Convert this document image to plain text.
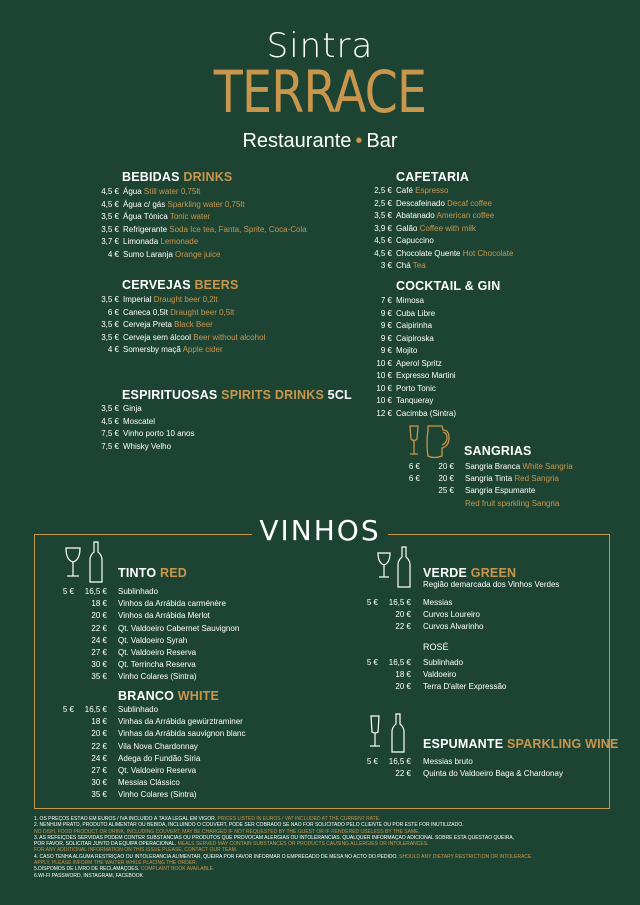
Sintra
TERRACE
Restaurante • Bar
BEBIDAS DRINKS
4,5 € Água Still water 0,75lt
4,5 € Água c/ gás Sparkling water 0,75lt
3,5 € Água Tónica Tonic water
3,5 € Refrigerante Soda Ice tea, Fanta, Sprite, Coca-Cola
3,7 € Limonada Lemonade
4 € Sumo Laranja Orange juice
CERVEJAS BEERS
3,5 € Imperial Draught beer 0,2lt
6 € Caneca 0,5lt Draught beer 0,5lt
3,5 € Cerveja Preta Black Beer
3,5 € Cerveja sem álcool Beer without alcohol
4 € Somersby maçã Apple cider
ESPIRITUOSAS SPIRITS DRINKS 5CL
3,5 € Ginja
4,5 € Moscatel
7,5 € Vinho porto 10 anos
7,5 € Whisky Velho
CAFETARIA
2,5 € Café Espresso
2,5 € Descafeinado Decaf coffee
3,5 € Abatanado American coffee
3,9 € Galão Coffee with milk
4,5 € Capuccino
4,5 € Chocolate Quente Hot Chocolate
3 € Chá Tea
COCKTAIL & GIN
7 € Mimosa
9 € Cuba Libre
9 € Caipirinha
9 € Caipiroska
9 € Mojito
10 € Aperol Spritz
10 € Expresso Martini
10 € Porto Tonic
10 € Tanqueray
12 € Cacimba (Sintra)
SANGRIAS
6 €	20 € Sangria Branca White Sangria
6 €	20 € Sangria Tinta Red Sangria
25 € Sangria Espumante
Red fruit sparkling Sangria
VINHOS
TINTO RED
5 €	16,5 € Sublinhado
18 € Vinhos da Arrábida carménère
20 € Vinhos da Arrábida Merlot
22 € Qt. Valdoeiro Cabernet Sauvignon
24 € Qt. Valdoeiro Syrah
27 € Qt. Valdoeiro Reserva
30 € Qt. Terrincha Reserva
35 € Vinho Colares (Sintra)
BRANCO WHITE
5 €	16,5 € Sublinhado
18 € Vinhas da Arrábida gewürztraminer
20 € Vinhas da Arrábida sauvignon blanc
22 € Vila Nova Chardonnay
24 € Adega do Fundão Síria
27 € Qt. Valdoeiro Reserva
30 € Messias Clássico
35 € Vinho Colares (Sintra)
VERDE GREEN
Região demarcada dos Vinhos Verdes
5 €	16,5 € Messias
20 € Curvos Loureiro
22 € Curvos Alvarinho
ROSÉ
5 €	16,5 € Sublinhado
18 € Valdoeiro
20 € Terra D'alter Expressão
ESPUMANTE SPARKLING WINE
5 €	16,5 € Messias bruto
22 € Quinta do Valdoeiro Baga & Chardonay
1. OS PREÇOS ESTÃO EM EUROS / IVA INCLUÍDO À TAXA LEGAL EM VIGOR. PRICES LISTED IN EUROS / VAT INCLUDED AT THE CURRENT RATE.
2. NENHUM PRATO, PRODUTO ALIMENTAR OU BEBIDA, INCLUINDO O COUVERT, PODE SER COBRADO SE NÃO FOR SOLICITADO PELO CLIENTE OU POR ESTE FOR INUTILIZADO.
NO DISH, FOOD PRODUCT OR DRINK, INCLUDING COUVERT, MAY BE CHARGED IF NOT REQUESTED BY THE GUEST OR IF RENDERED USELESS BY THE SAME.
3. AS REFEIÇÕES SERVIDAS PODEM CONTER SUBSTÂNCIAS OU PRODUTOS QUE PROVOCAM ALERGIAS OU INTOLERÂNCIAS. QUALQUER INFORMAÇÃO ADICIONAL SOBRE ESTA QUESTÃO QUEIRA,
POR FAVOR, SOLICITAR JUNTO DA EQUIPA OPERACIONAL. MEALS SERVED MAY CONTAIN SUBSTANCES OR PRODUCTS CAUSING ALLERGIES OR INTOLERANCES.
FOR ANY ADDITIONAL INFORMATION ON THIS ISSUE PLEASE, CONTACT OUR TEAM.
4. CASO TENHA ALGUMA RESTRIÇÃO OU INTOLERÂNCIA ALIMENTAR, QUEIRA POR FAVOR INFORMAR O EMPREGADO DE MESA NO ACTO DO PEDIDO. SHOULD ANY DIETARY RESTRICTION OR INTOLERACE
APPLY, PLEASE INFORM THE WAITER WHILE PLACING THE ORDER.
5.DISPOMOS DE LIVRO DE RECLAMAÇÕES. COMPLAINT BOOK AVAILABLE.
6.WI-FI PASSWORD, INSTAGRAM, FACEBOOK
